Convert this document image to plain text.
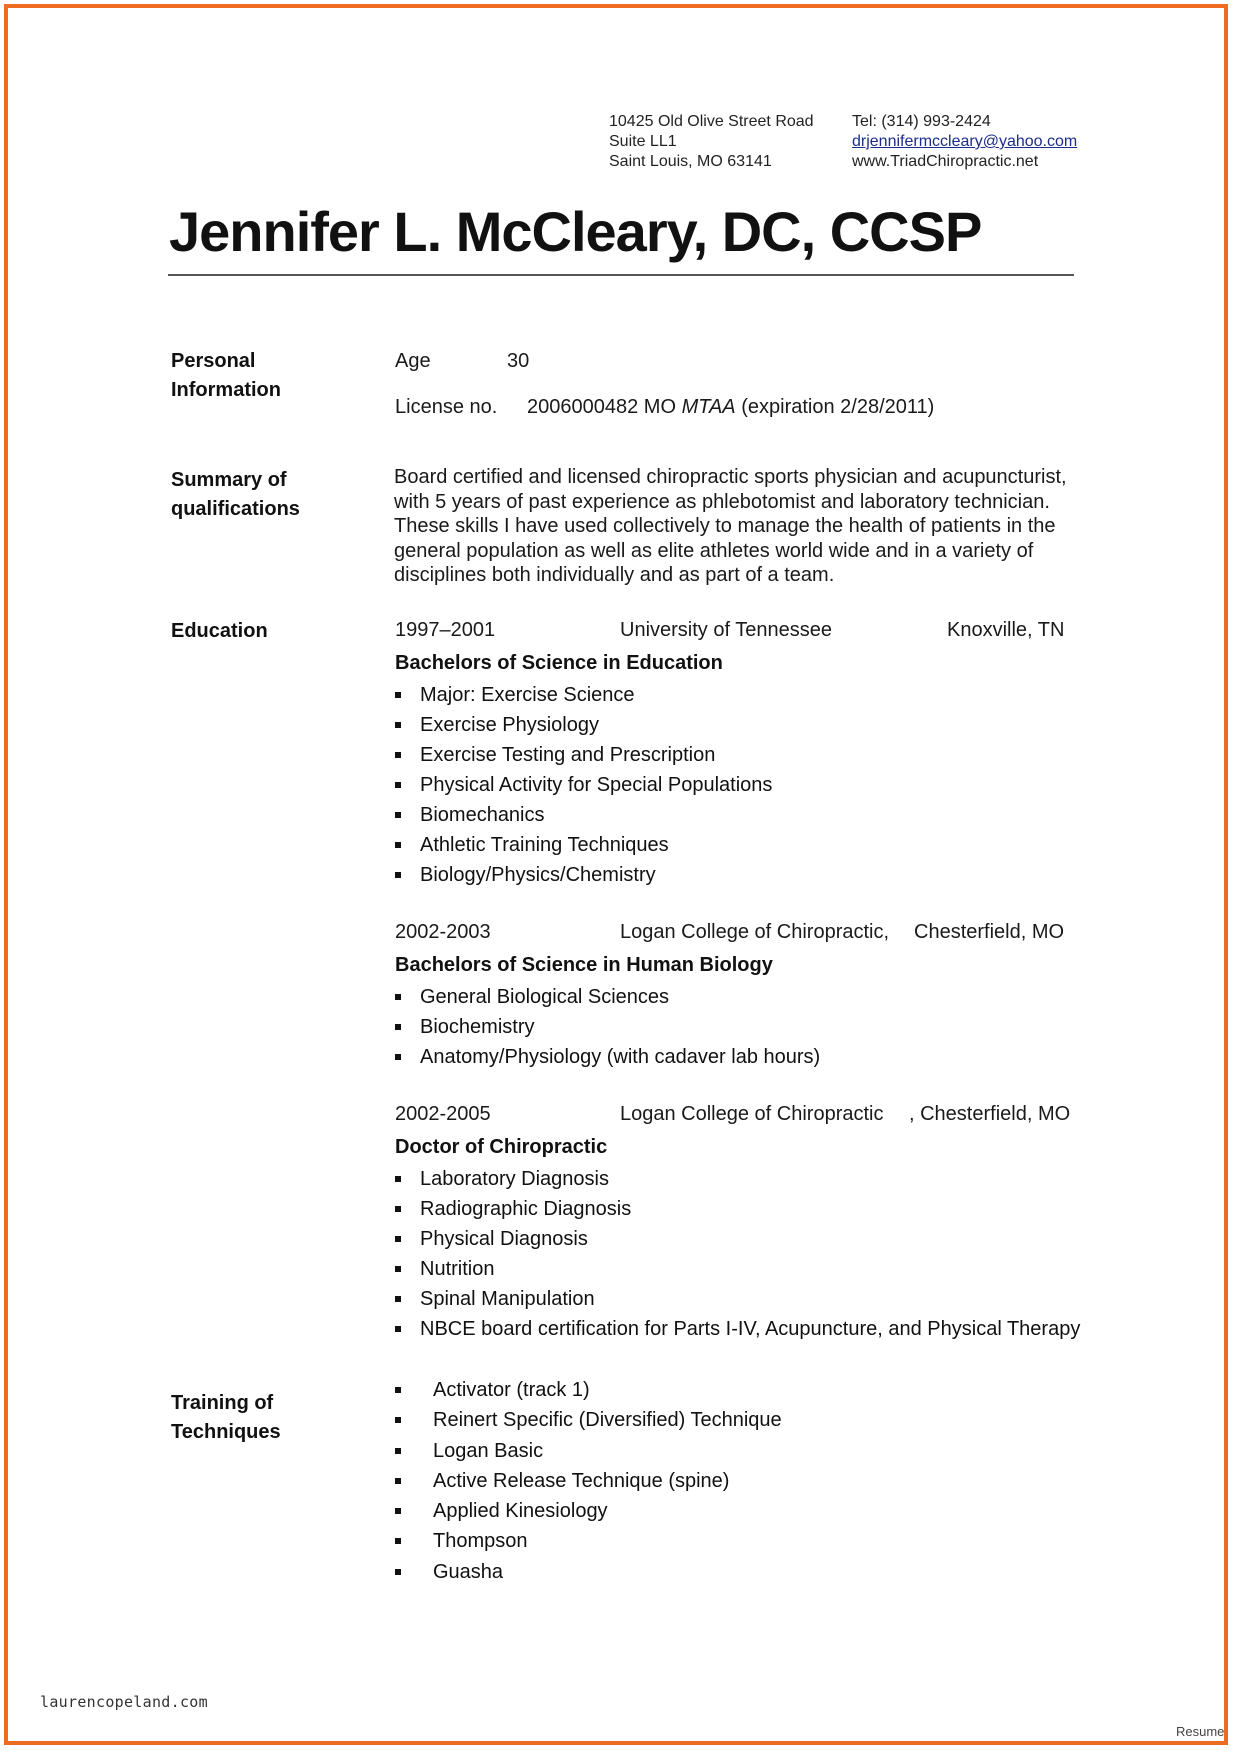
10425 Old Olive Street Road
Suite LL1
Saint Louis, MO 63141
Tel: (314) 993-2424
drjennifermccleary@yahoo.com
www.TriadChiropractic.net
Jennifer L. McCleary, DC, CCSP
Personal
Information
Age	30
License no. 2006000482 MO MTAA (expiration 2/28/2011)
Summary of
qualifications
Board certified and licensed chiropractic sports physician and acupuncturist,
with 5 years of past experience as phlebotomist and laboratory technician.
These skills I have used collectively to manage the health of patients in the
general population as well as elite athletes world wide and in a variety of
disciplines both individually and as part of a team.
Education	1997–2001	University of Tennessee	Knoxville, TN
Bachelors of Science in Education
Major: Exercise Science
Exercise Physiology
Exercise Testing and Prescription
Physical Activity for Special Populations
Biomechanics
Athletic Training Techniques
Biology/Physics/Chemistry
2002-2003	Logan College of Chiropractic, Chesterfield, MO
Bachelors of Science in Human Biology
General Biological Sciences
Biochemistry
Anatomy/Physiology (with cadaver lab hours)
2002-2005	Logan College of Chiropractic , Chesterfield, MO
Doctor of Chiropractic
Laboratory Diagnosis
Radiographic Diagnosis
Physical Diagnosis
Nutrition
Spinal Manipulation
NBCE board certification for Parts I-IV, Acupuncture, and Physical Therapy
Training of
Techniques
Activator (track 1)
Reinert Specific (Diversified) Technique
Logan Basic
Active Release Technique (spine)
Applied Kinesiology
Thompson
Guasha
laurencopeland.com
Resume
